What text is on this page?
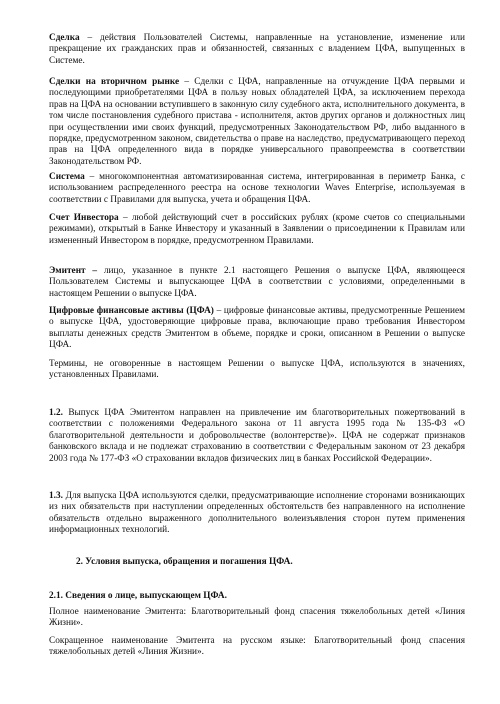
Сделка – действия Пользователей Системы, направленные на установление, изменение или прекращение их гражданских прав и обязанностей, связанных с владением ЦФА, выпущенных в Системе.

Сделки на вторичном рынке – Сделки с ЦФА, направленные на отчуждение ЦФА первыми и последующими приобретателями ЦФА в пользу новых обладателей ЦФА, за исключением перехода прав на ЦФА на основании вступившего в законную силу судебного акта, исполнительного документа, в том числе постановления судебного пристава - исполнителя, актов других органов и должностных лиц при осуществлении ими своих функций, предусмотренных Законодательством РФ, либо выданного в порядке, предусмотренном законом, свидетельства о праве на наследство, предусматривающего переход прав на ЦФА определенного вида в порядке универсального правопреемства в соответствии Законодательством РФ.

Система – многокомпонентная автоматизированная система, интегрированная в периметр Банка, с использованием распределенного реестра на основе технологии Waves Enterprise, используемая в соответствии с Правилами для выпуска, учета и обращения ЦФА.

Счет Инвестора – любой действующий счет в российских рублях (кроме счетов со специальными режимами), открытый в Банке Инвестору и указанный в Заявлении о присоединении к Правилам или измененный Инвестором в порядке, предусмотренном Правилами.

Эмитент – лицо, указанное в пункте 2.1 настоящего Решения о выпуске ЦФА, являющееся Пользователем Системы и выпускающее ЦФА в соответствии с условиями, определенными в настоящем Решении о выпуске ЦФА.

Цифровые финансовые активы (ЦФА) – цифровые финансовые активы, предусмотренные Решением о выпуске ЦФА, удостоверяющие цифровые права, включающие право требования Инвестором выплаты денежных средств Эмитентом в объеме, порядке и сроки, описанном в Решении о выпуске ЦФА.

Термины, не оговоренные в настоящем Решении о выпуске ЦФА, используются в значениях, установленных Правилами.

1.2. Выпуск ЦФА Эмитентом направлен на привлечение им благотворительных пожертвований в соответствии с положениями Федерального закона от 11 августа 1995 года № 135-ФЗ «О благотворительной деятельности и добровольчестве (волонтерстве)». ЦФА не содержат признаков банковского вклада и не подлежат страхованию в соответствии с Федеральным законом от 23 декабря 2003 года № 177-ФЗ «О страховании вкладов физических лиц в банках Российской Федерации».

1.3. Для выпуска ЦФА используются сделки, предусматривающие исполнение сторонами возникающих из них обязательств при наступлении определенных обстоятельств без направленного на исполнение обязательств отдельно выраженного дополнительного волеизъявления сторон путем применения информационных технологий.

2. Условия выпуска, обращения и погашения ЦФА.

2.1. Сведения о лице, выпускающем ЦФА.

Полное наименование Эмитента: Благотворительный фонд спасения тяжелобольных детей «Линия Жизни».

Сокращенное наименование Эмитента на русском языке: Благотворительный фонд спасения тяжелобольных детей «Линия Жизни».
